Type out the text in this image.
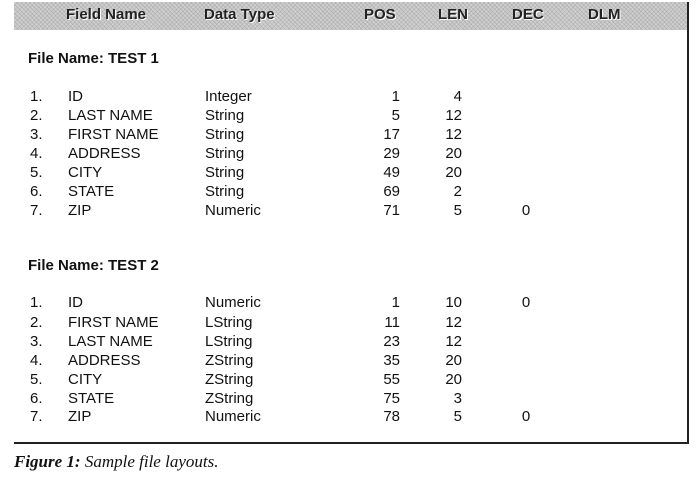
Field Name	Data Type	POS	LEN	DEC	DLM
File Name: TEST 1
1. ID	Integer	1	4
2. LAST NAME	String	5	12
3. FIRST NAME	String	17	12
4. ADDRESS	String	29	20
5. CITY	String	49	20
6. STATE	String	69	2
7. ZIP	Numeric	71	5	0
File Name: TEST 2
1. ID	Numeric	1	10	0
2. FIRST NAME	LString	11	12
3. LAST NAME	LString	23	12
4. ADDRESS	ZString	35	20
5. CITY	ZString	55	20
6. STATE	ZString	75	3
7. ZIP	Numeric	78	5	0
Figure 1: Sample file layouts.
